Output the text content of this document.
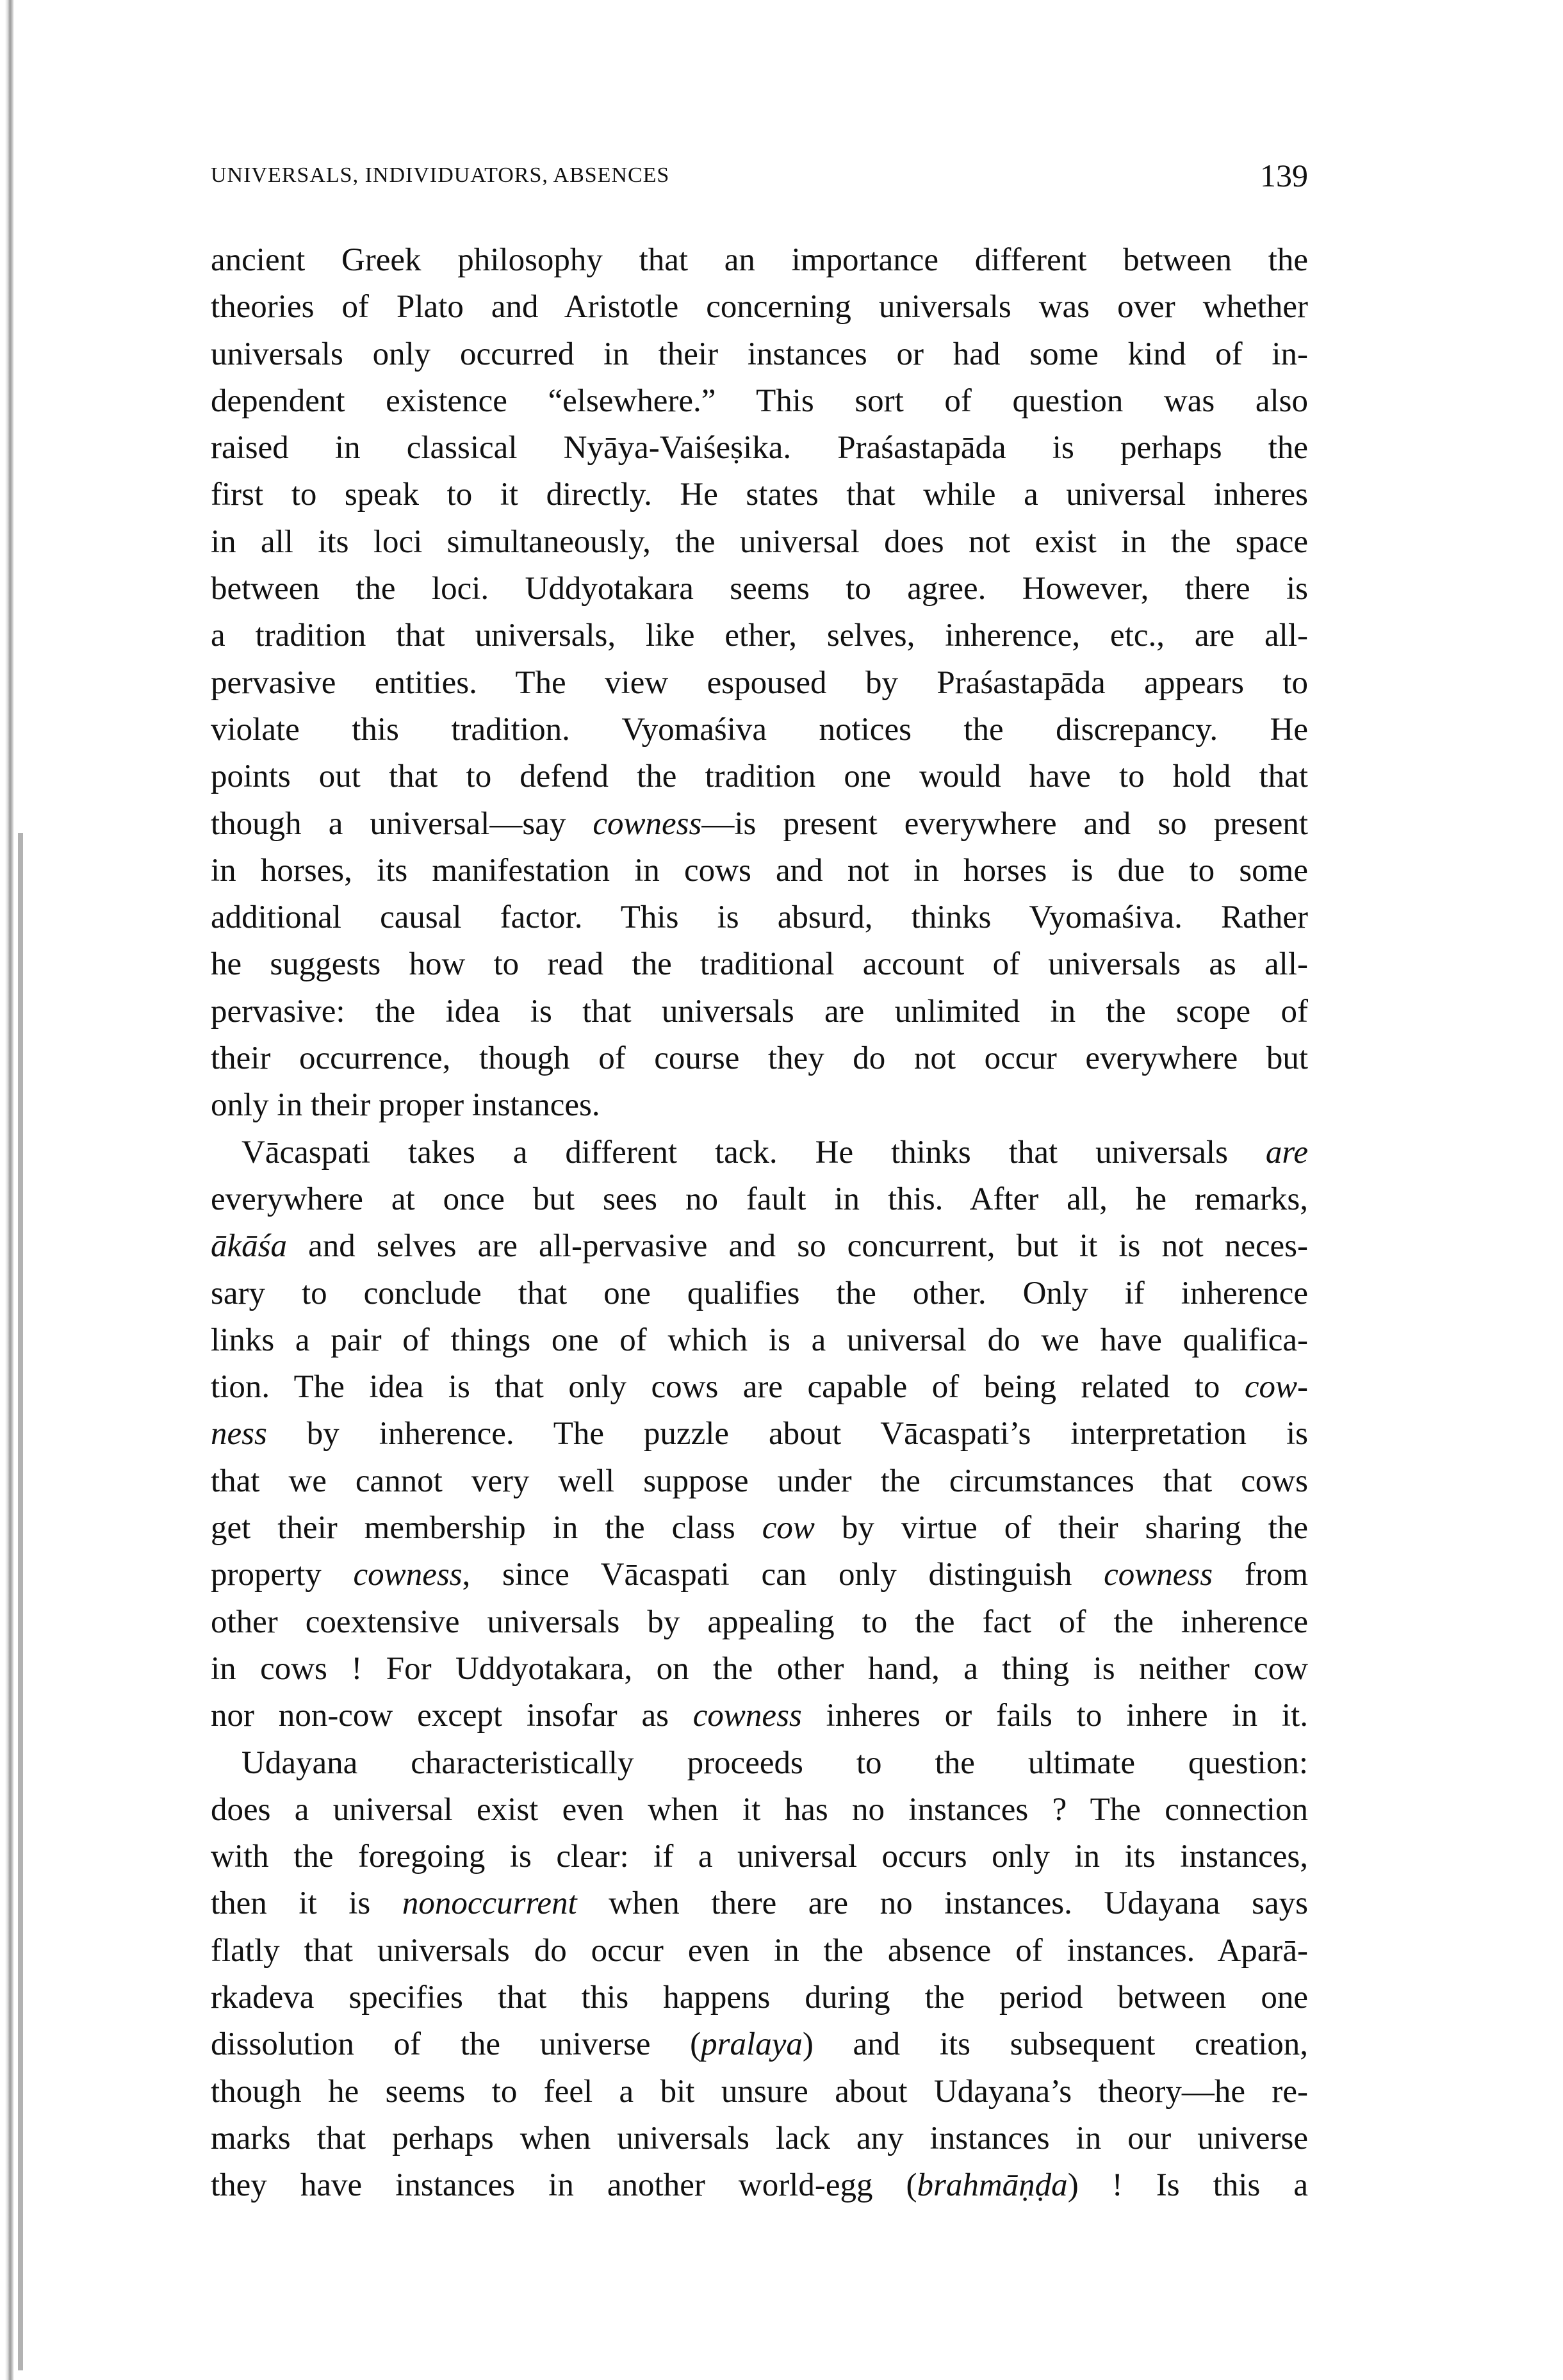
UNIVERSALS, INDIVIDUATORS, ABSENCES	139
ancient Greek philosophy that an importance different between the
theories of Plato and Aristotle concerning universals was over whether
universals only occurred in their instances or had some kind of in-
dependent existence “elsewhere.” This sort of question was also
raised in classical Nyāya-Vaiśeṣika. Praśastapāda is perhaps the
first to speak to it directly. He states that while a universal inheres
in all its loci simultaneously, the universal does not exist in the space
between the loci. Uddyotakara seems to agree. However, there is
a tradition that universals, like ether, selves, inherence, etc., are all-
pervasive entities. The view espoused by Praśastapāda appears to
violate this tradition. Vyomaśiva notices the discrepancy. He
points out that to defend the tradition one would have to hold that
though a universal—say cowness—is present everywhere and so present
in horses, its manifestation in cows and not in horses is due to some
additional causal factor. This is absurd, thinks Vyomaśiva. Rather
he suggests how to read the traditional account of universals as all-
pervasive: the idea is that universals are unlimited in the scope of
their occurrence, though of course they do not occur everywhere but
only in their proper instances.
Vācaspati takes a different tack. He thinks that universals are
everywhere at once but sees no fault in this. After all, he remarks,
ākāśa and selves are all-pervasive and so concurrent, but it is not neces-
sary to conclude that one qualifies the other. Only if inherence
links a pair of things one of which is a universal do we have qualifica-
tion. The idea is that only cows are capable of being related to cow-
ness by inherence. The puzzle about Vācaspati’s interpretation is
that we cannot very well suppose under the circumstances that cows
get their membership in the class cow by virtue of their sharing the
property cowness, since Vācaspati can only distinguish cowness from
other coextensive universals by appealing to the fact of the inherence
in cows ! For Uddyotakara, on the other hand, a thing is neither cow
nor non-cow except insofar as cowness inheres or fails to inhere in it.
Udayana characteristically proceeds to the ultimate question:
does a universal exist even when it has no instances ? The connection
with the foregoing is clear: if a universal occurs only in its instances,
then it is nonoccurrent when there are no instances. Udayana says
flatly that universals do occur even in the absence of instances. Aparā-
rkadeva specifies that this happens during the period between one
dissolution of the universe (pralaya) and its subsequent creation,
though he seems to feel a bit unsure about Udayana’s theory—he re-
marks that perhaps when universals lack any instances in our universe
they have instances in another world-egg (brahmāṇḍa) ! Is this a
